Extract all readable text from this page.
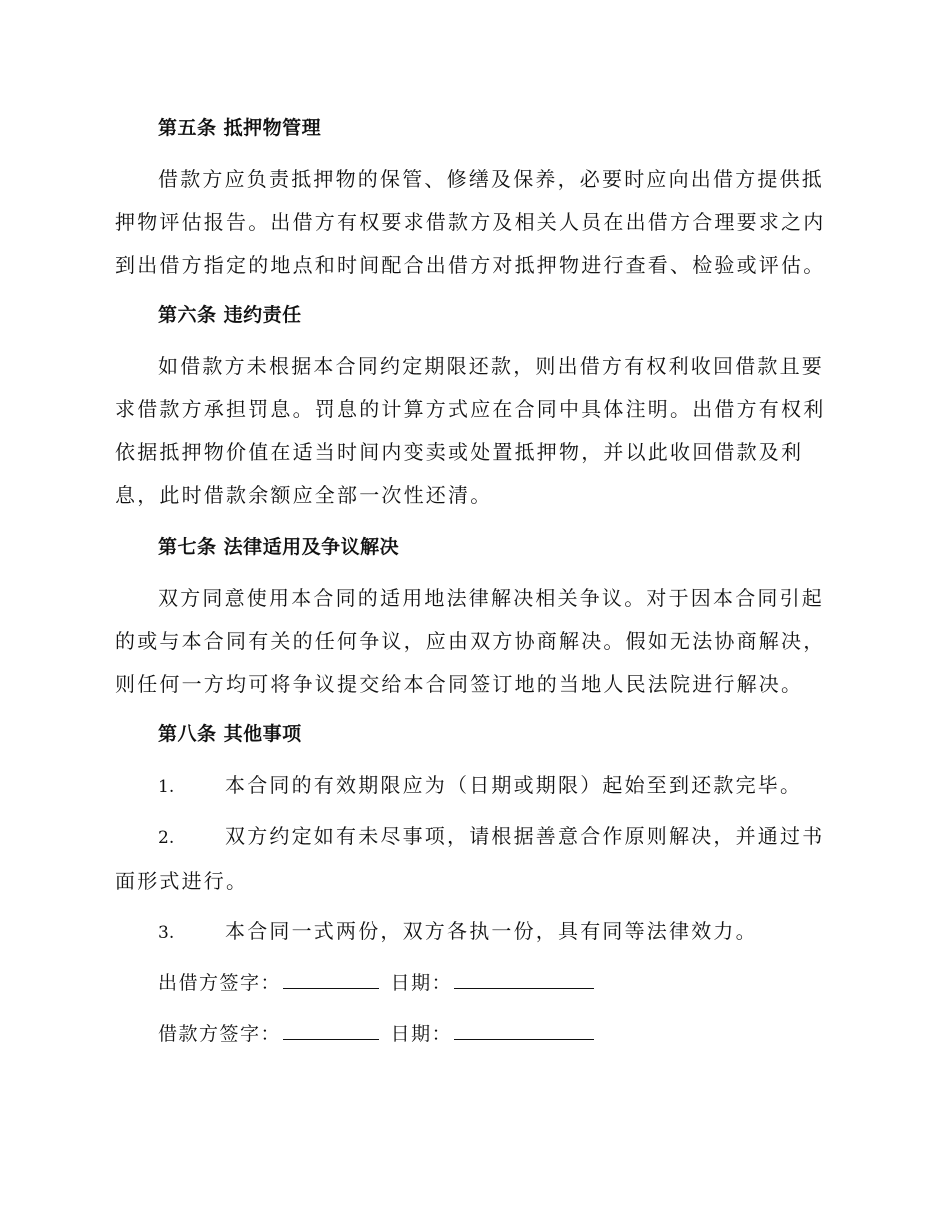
第五条 抵押物管理

借款方应负责抵押物的保管、修缮及保养，必要时应向出借方提供抵押物评估报告。出借方有权要求借款方及相关人员在出借方合理要求之内到出借方指定的地点和时间配合出借方对抵押物进行查看、检验或评估。

第六条 违约责任

如借款方未根据本合同约定期限还款，则出借方有权利收回借款且要求借款方承担罚息。罚息的计算方式应在合同中具体注明。出借方有权利依据抵押物价值在适当时间内变卖或处置抵押物，并以此收回借款及利息，此时借款余额应全部一次性还清。

第七条 法律适用及争议解决

双方同意使用本合同的适用地法律解决相关争议。对于因本合同引起的或与本合同有关的任何争议，应由双方协商解决。假如无法协商解决，则任何一方均可将争议提交给本合同签订地的当地人民法院进行解决。

第八条 其他事项

1.	本合同的有效期限应为（日期或期限）起始至到还款完毕。

2.	双方约定如有未尽事项，请根据善意合作原则解决，并通过书面形式进行。

3.	本合同一式两份，双方各执一份，具有同等法律效力。

出借方签字：	日期：
借款方签字：	日期：
